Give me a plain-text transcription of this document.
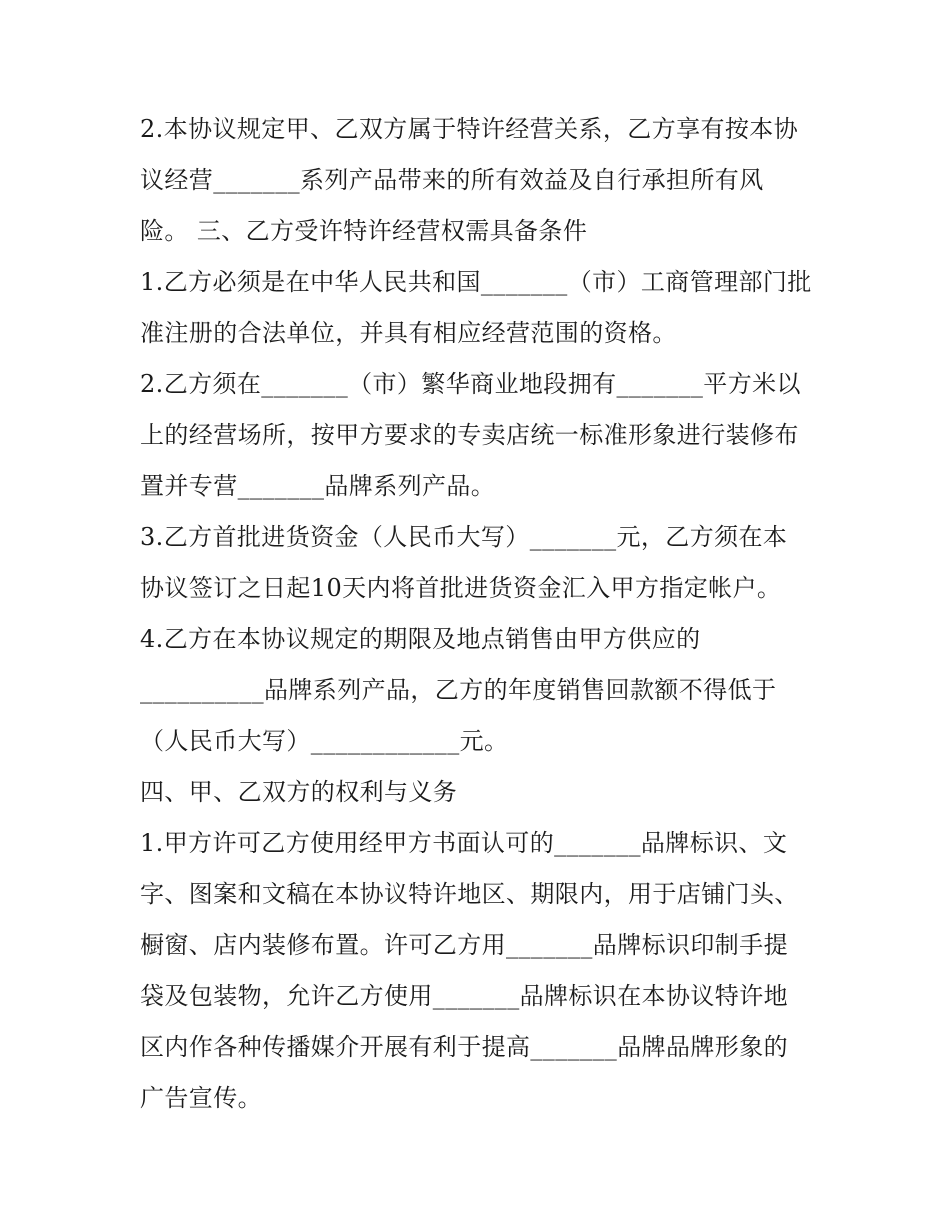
2.本协议规定甲、乙双方属于特许经营关系，乙方享有按本协
议经营_______系列产品带来的所有效益及自行承担所有风
险。 三、乙方受许特许经营权需具备条件
1.乙方必须是在中华人民共和国_______（市）工商管理部门批
准注册的合法单位，并具有相应经营范围的资格。
2.乙方须在_______（市）繁华商业地段拥有_______平方米以
上的经营场所，按甲方要求的专卖店统一标准形象进行装修布
置并专营_______品牌系列产品。
3.乙方首批进货资金（人民币大写）_______元，乙方须在本
协议签订之日起10天内将首批进货资金汇入甲方指定帐户。
4.乙方在本协议规定的期限及地点销售由甲方供应的
__________品牌系列产品，乙方的年度销售回款额不得低于
（人民币大写）____________元。
四、甲、乙双方的权利与义务
1.甲方许可乙方使用经甲方书面认可的_______品牌标识、文
字、图案和文稿在本协议特许地区、期限内，用于店铺门头、
橱窗、店内装修布置。许可乙方用_______品牌标识印制手提
袋及包装物，允许乙方使用_______品牌标识在本协议特许地
区内作各种传播媒介开展有利于提高_______品牌品牌形象的
广告宣传。
